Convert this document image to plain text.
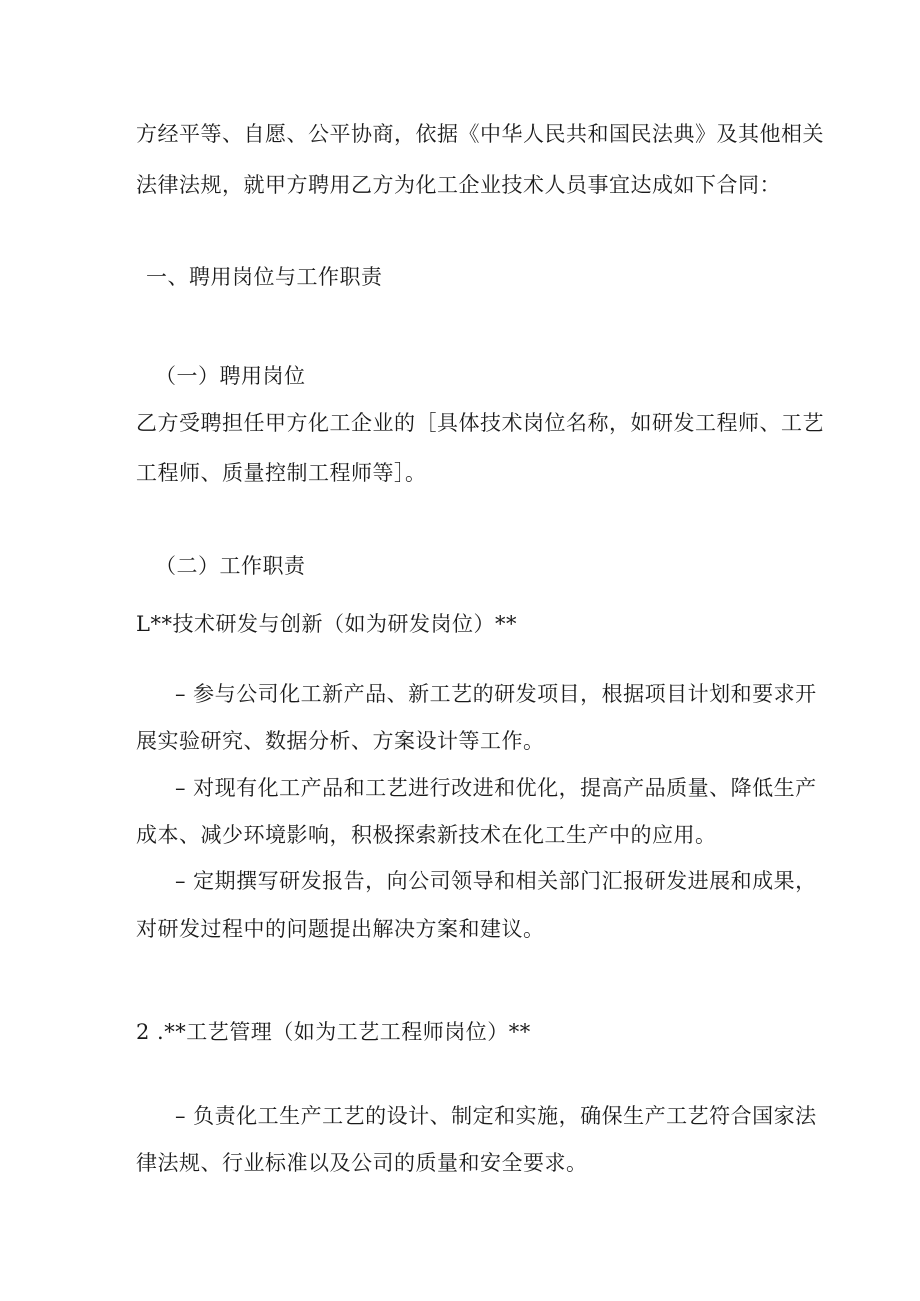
方经平等、自愿、公平协商，依据《中华人民共和国民法典》及其他相关
法律法规，就甲方聘用乙方为化工企业技术人员事宜达成如下合同：
一、聘用岗位与工作职责
（一）聘用岗位
乙方受聘担任甲方化工企业的［具体技术岗位名称，如研发工程师、工艺
工程师、质量控制工程师等］。
（二）工作职责
L**技术研发与创新（如为研发岗位）**
– 参与公司化工新产品、新工艺的研发项目，根据项目计划和要求开
展实验研究、数据分析、方案设计等工作。
– 对现有化工产品和工艺进行改进和优化，提高产品质量、降低生产
成本、减少环境影响，积极探索新技术在化工生产中的应用。
– 定期撰写研发报告，向公司领导和相关部门汇报研发进展和成果，
对研发过程中的问题提出解决方案和建议。
2 .**工艺管理（如为工艺工程师岗位）**
– 负责化工生产工艺的设计、制定和实施，确保生产工艺符合国家法
律法规、行业标准以及公司的质量和安全要求。
